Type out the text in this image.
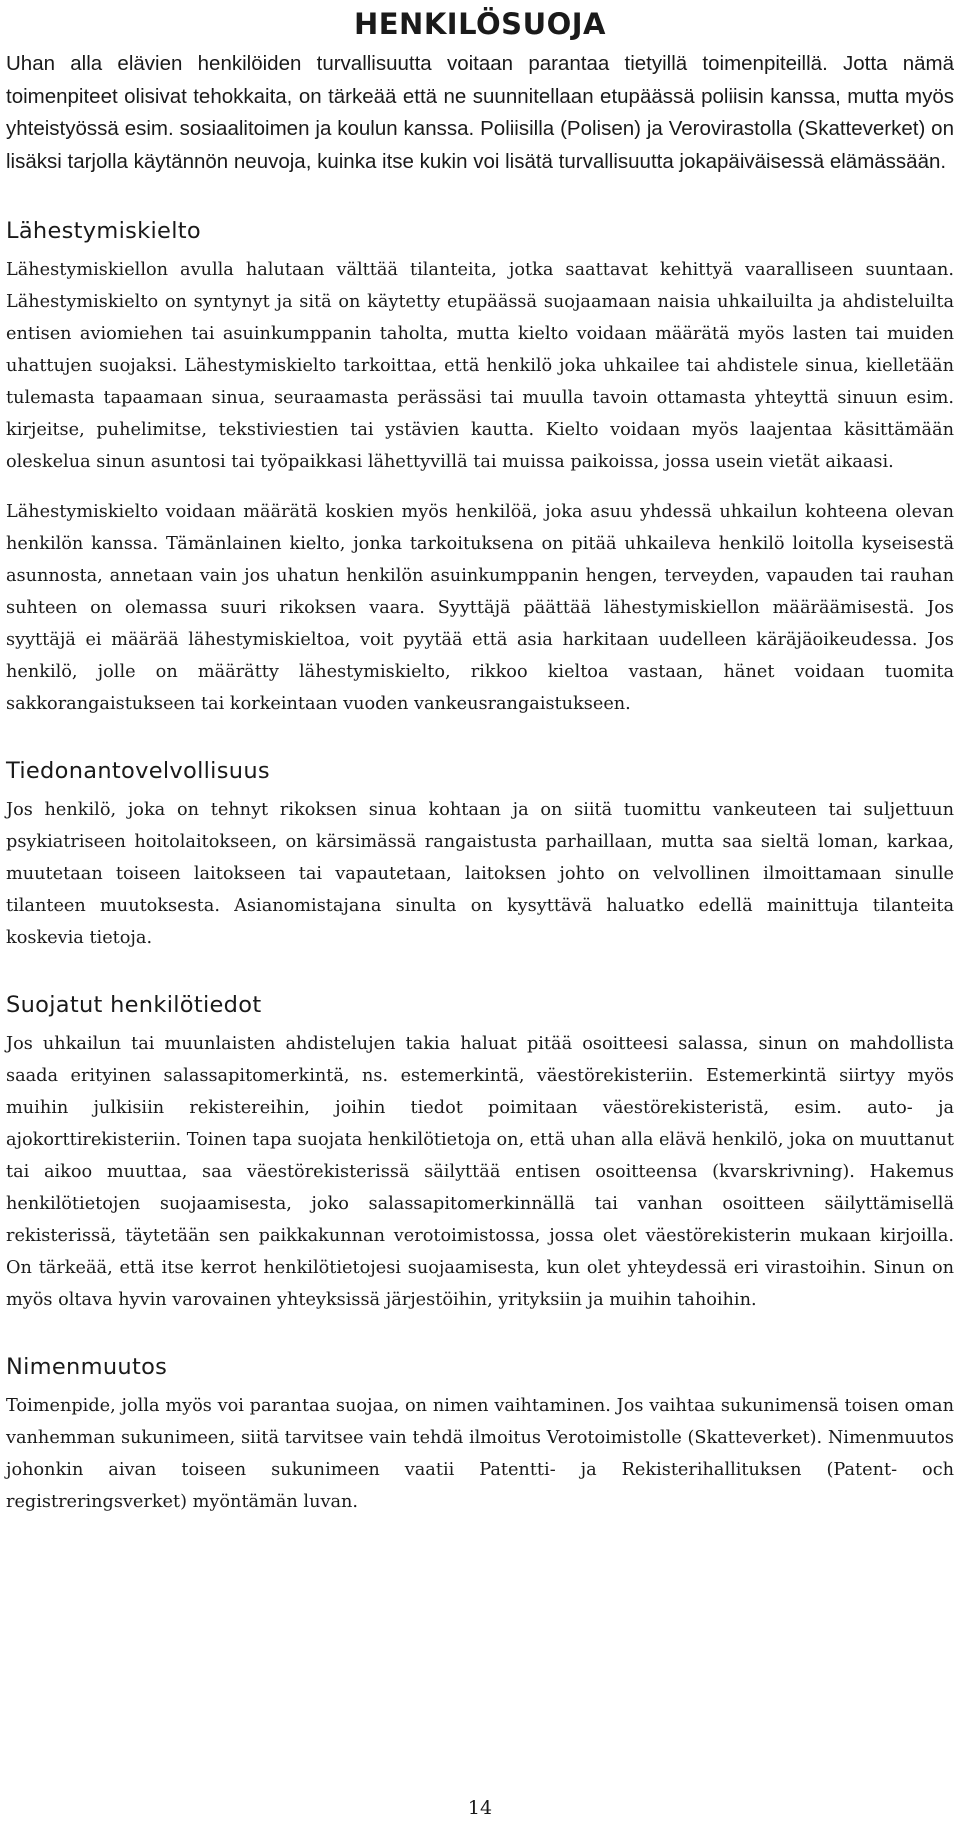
HENKILÖSUOJA

Uhan alla elävien henkilöiden turvallisuutta voitaan parantaa tietyillä toimenpiteillä. Jotta nämä toimenpiteet olisivat tehokkaita, on tärkeää että ne suunnitellaan etupäässä poliisin kanssa, mutta myös yhteistyössä esim. sosiaalitoimen ja koulun kanssa. Poliisilla (Polisen) ja Verovirastolla (Skatteverket) on lisäksi tarjolla käytännön neuvoja, kuinka itse kukin voi lisätä turvallisuutta jokapäiväisessä elämässään.

Lähestymiskielto

Lähestymiskiellon avulla halutaan välttää tilanteita, jotka saattavat kehittyä vaaralliseen suuntaan. Lähestymiskielto on syntynyt ja sitä on käytetty etupäässä suojaamaan naisia uhkailuilta ja ahdisteluilta entisen aviomiehen tai asuinkumppanin taholta, mutta kielto voidaan määrätä myös lasten tai muiden uhattujen suojaksi. Lähestymiskielto tarkoittaa, että henkilö joka uhkailee tai ahdistele sinua, kielletään tulemasta tapaamaan sinua, seuraamasta perässäsi tai muulla tavoin ottamasta yhteyttä sinuun esim. kirjeitse, puhelimitse, tekstiviestien tai ystävien kautta. Kielto voidaan myös laajentaa käsittämään oleskelua sinun asuntosi tai työpaikkasi lähettyvillä tai muissa paikoissa, jossa usein vietät aikaasi.

Lähestymiskielto voidaan määrätä koskien myös henkilöä, joka asuu yhdessä uhkailun kohteena olevan henkilön kanssa. Tämänlainen kielto, jonka tarkoituksena on pitää uhkaileva henkilö loitolla kyseisestä asunnosta, annetaan vain jos uhatun henkilön asuinkumppanin hengen, terveyden, vapauden tai rauhan suhteen on olemassa suuri rikoksen vaara. Syyttäjä päättää lähestymiskiellon määräämisestä. Jos syyttäjä ei määrää lähestymiskieltoa, voit pyytää että asia harkitaan uudelleen käräjäoikeudessa. Jos henkilö, jolle on määrätty lähestymiskielto, rikkoo kieltoa vastaan, hänet voidaan tuomita sakkorangaistukseen tai korkeintaan vuoden vankeusrangaistukseen.

Tiedonantovelvollisuus

Jos henkilö, joka on tehnyt rikoksen sinua kohtaan ja on siitä tuomittu vankeuteen tai suljettuun psykiatriseen hoitolaitokseen, on kärsimässä rangaistusta parhaillaan, mutta saa sieltä loman, karkaa, muutetaan toiseen laitokseen tai vapautetaan, laitoksen johto on velvollinen ilmoittamaan sinulle tilanteen muutoksesta. Asianomistajana sinulta on kysyttävä haluatko edellä mainittuja tilanteita koskevia tietoja.

Suojatut henkilötiedot

Jos uhkailun tai muunlaisten ahdistelujen takia haluat pitää osoitteesi salassa, sinun on mahdollista saada erityinen salassapitomerkintä, ns. estemerkintä, väestörekisteriin. Estemerkintä siirtyy myös muihin julkisiin rekistereihin, joihin tiedot poimitaan väestörekisteristä, esim. auto- ja ajokorttirekisteriin. Toinen tapa suojata henkilötietoja on, että uhan alla elävä henkilö, joka on muuttanut tai aikoo muuttaa, saa väestörekisterissä säilyttää entisen osoitteensa (kvarskrivning). Hakemus henkilötietojen suojaamisesta, joko salassapitomerkinnällä tai vanhan osoitteen säilyttämisellä rekisterissä, täytetään sen paikkakunnan verotoimistossa, jossa olet väestörekisterin mukaan kirjoilla. On tärkeää, että itse kerrot henkilötietojesi suojaamisesta, kun olet yhteydessä eri virastoihin. Sinun on myös oltava hyvin varovainen yhteyksissä järjestöihin, yrityksiin ja muihin tahoihin.

Nimenmuutos

Toimenpide, jolla myös voi parantaa suojaa, on nimen vaihtaminen. Jos vaihtaa sukunimensä toisen oman vanhemman sukunimeen, siitä tarvitsee vain tehdä ilmoitus Verotoimistolle (Skatteverket). Nimenmuutos johonkin aivan toiseen sukunimeen vaatii Patentti- ja Rekisterihallituksen (Patent- och registreringsverket) myöntämän luvan.

14
